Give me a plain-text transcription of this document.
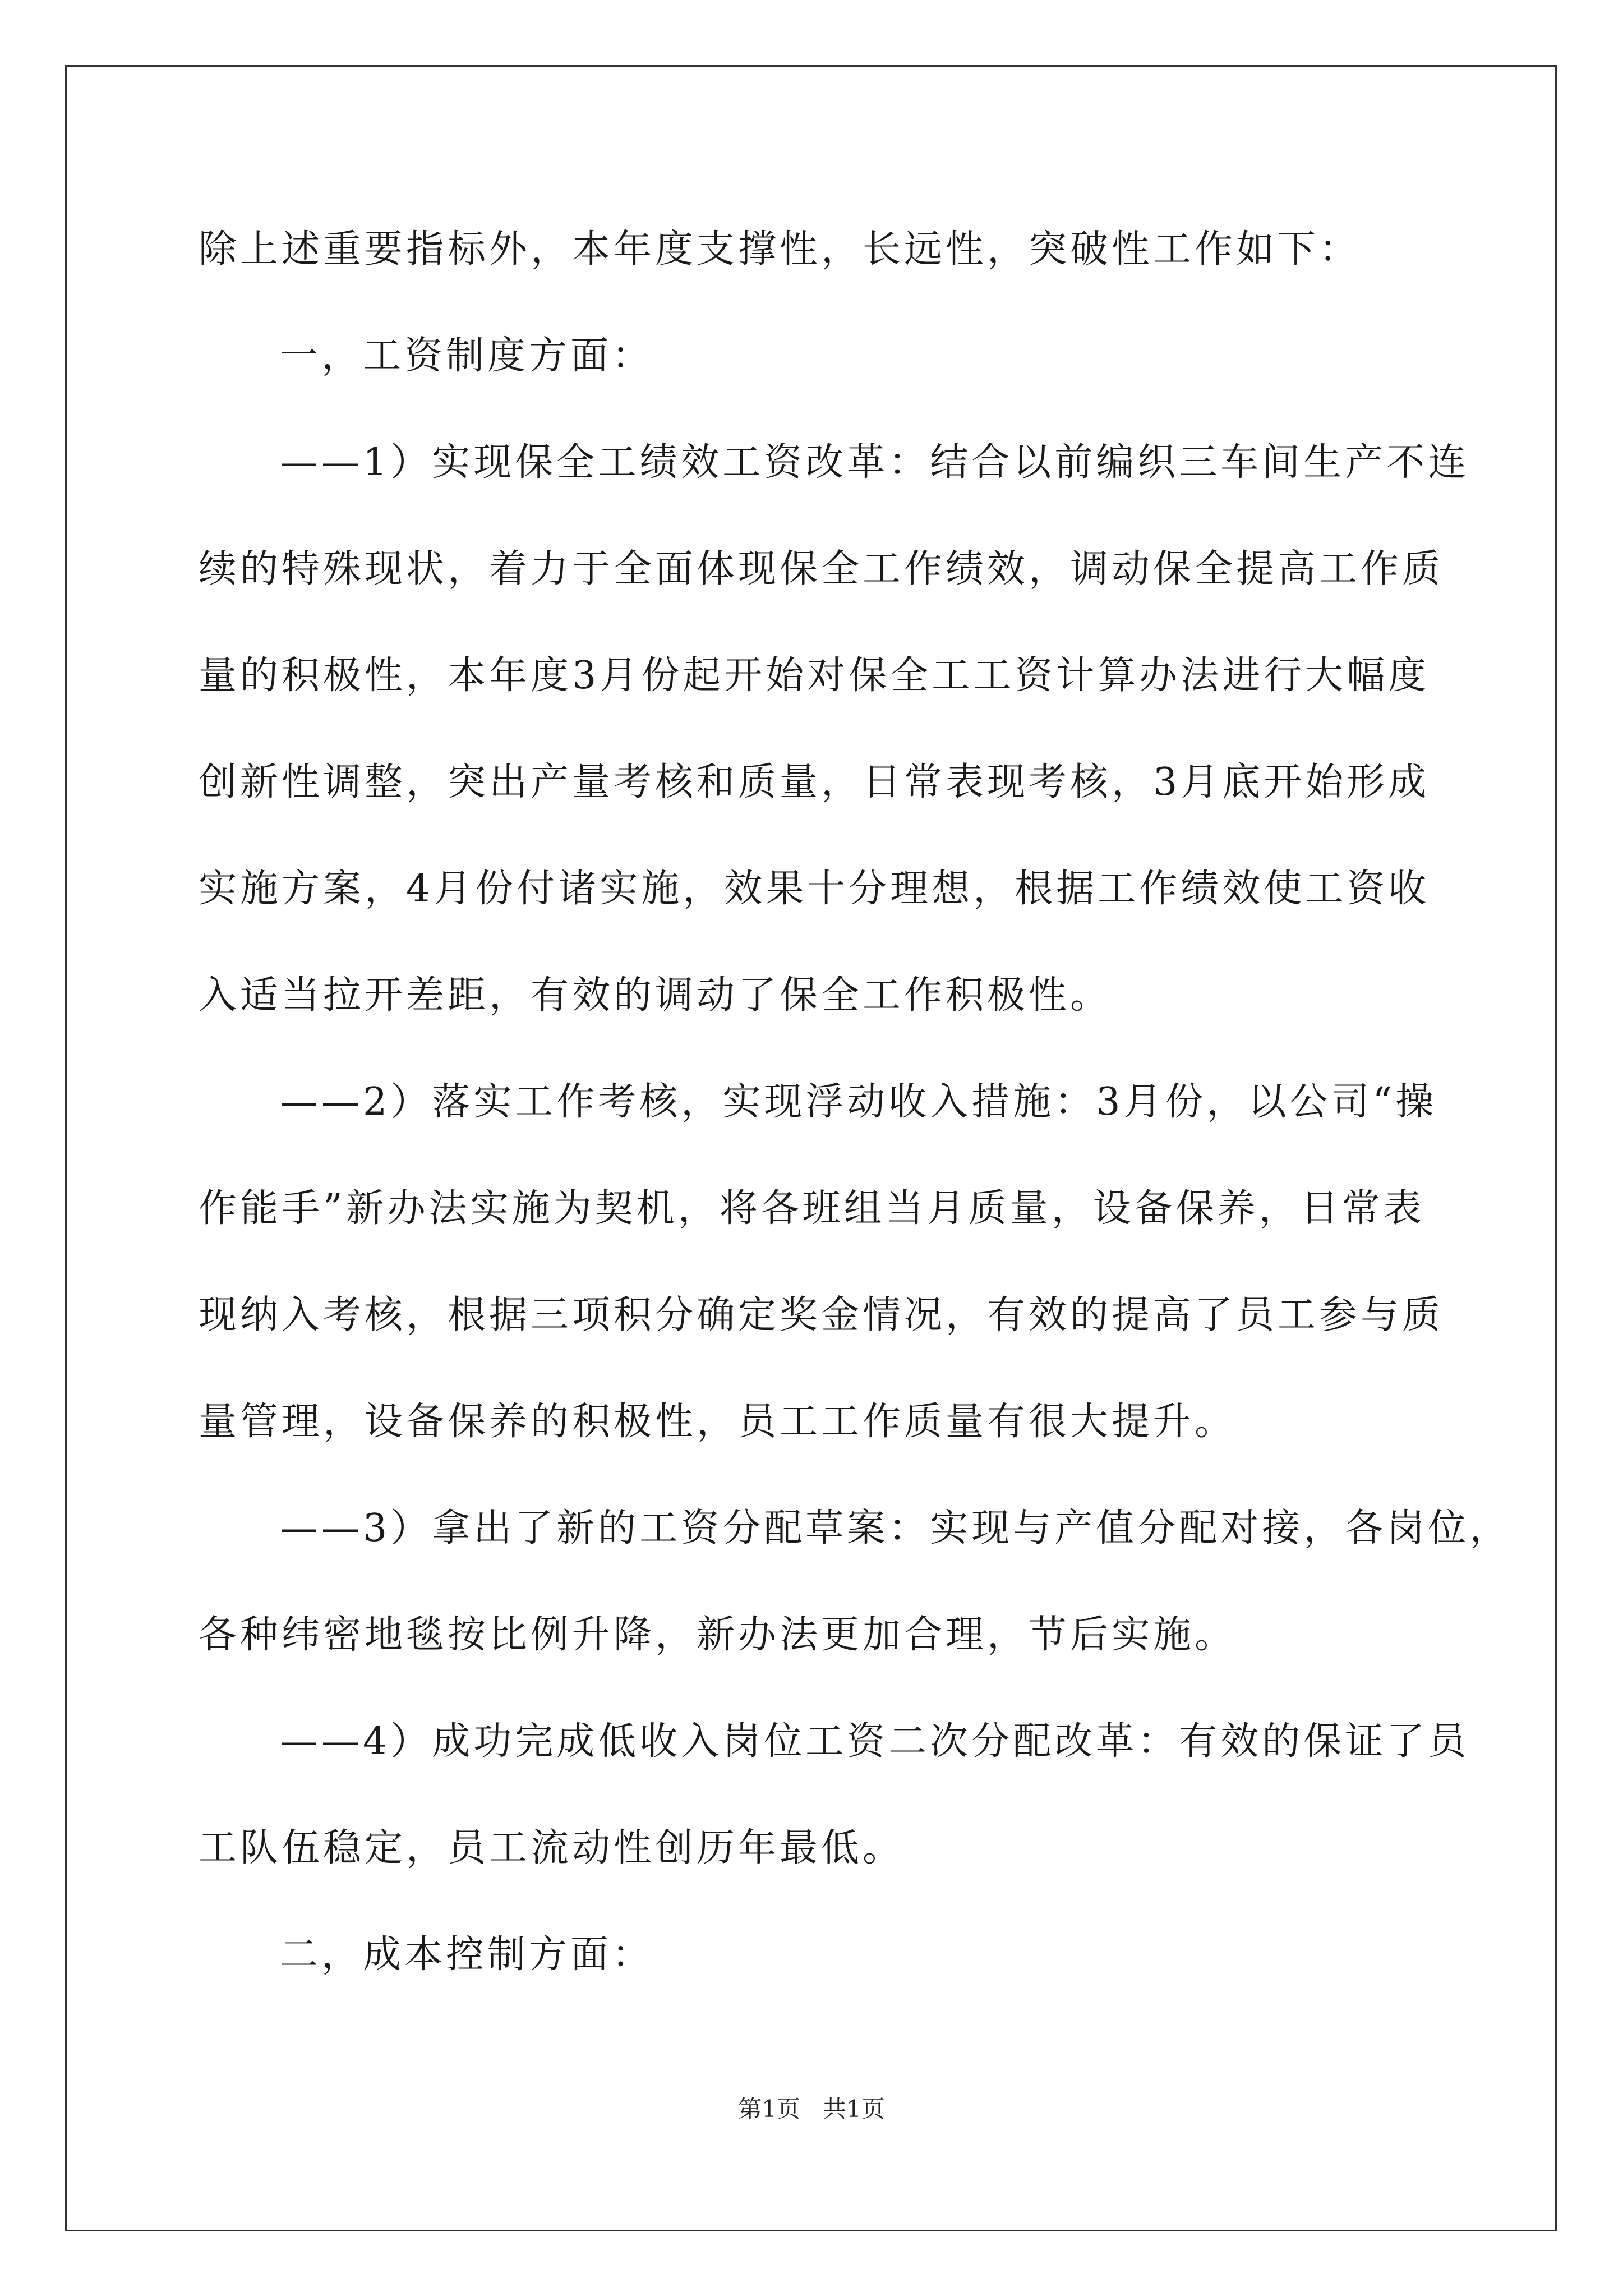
除上述重要指标外，本年度支撑性，长远性，突破性工作如下：
一，工资制度方面：
——1）实现保全工绩效工资改革：结合以前编织三车间生产不连
续的特殊现状，着力于全面体现保全工作绩效，调动保全提高工作质
量的积极性，本年度3月份起开始对保全工工资计算办法进行大幅度
创新性调整，突出产量考核和质量，日常表现考核，3月底开始形成
实施方案，4月份付诸实施，效果十分理想，根据工作绩效使工资收
入适当拉开差距，有效的调动了保全工作积极性。
——2）落实工作考核，实现浮动收入措施：3月份，以公司“操
作能手”新办法实施为契机，将各班组当月质量，设备保养，日常表
现纳入考核，根据三项积分确定奖金情况，有效的提高了员工参与质
量管理，设备保养的积极性，员工工作质量有很大提升。
——3）拿出了新的工资分配草案：实现与产值分配对接，各岗位，
各种纬密地毯按比例升降，新办法更加合理，节后实施。
——4）成功完成低收入岗位工资二次分配改革：有效的保证了员
工队伍稳定，员工流动性创历年最低。
二，成本控制方面：
第1页   共1页
